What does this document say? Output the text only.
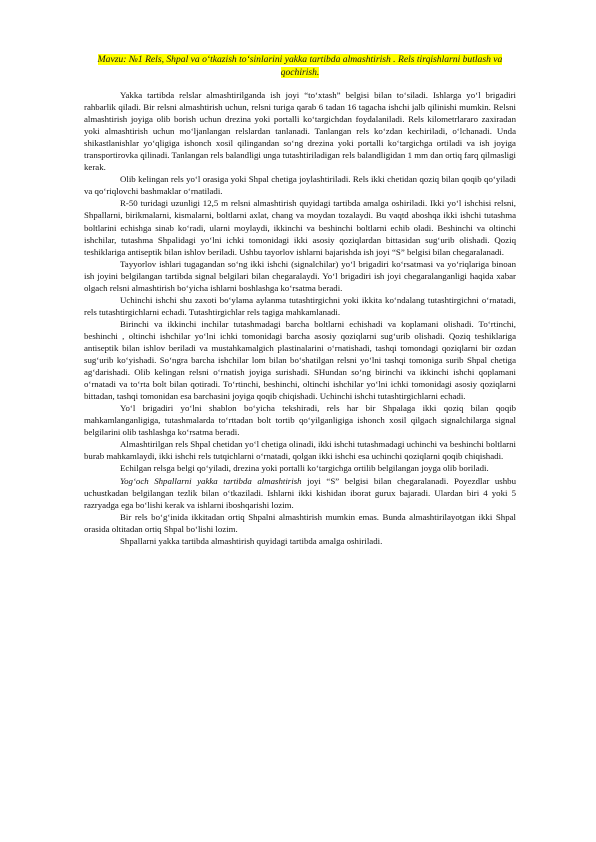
Mavzu: №1 Rels, Shpal va o‘tkazish to‘sinlarini yakka tartibda almashtirish . Rels tirqishlarni butlash va qochirish.

Yakka tartibda relslar almashtirilganda ish joyi “to‘xtash” belgisi bilan to‘siladi. Ishlarga yo‘l brigadiri rahbarlik qiladi. Bir relsni almashtirish uchun, relsni turiga qarab 6 tadan 16 tagacha ishchi jalb qilinishi mumkin. Relsni almashtirish joyiga olib borish uchun drezina yoki portalli ko‘targichdan foydalaniladi. Rels kilometrlararo zaxiradan yoki almashtirish uchun mo‘ljanlangan relslardan tanlanadi. Tanlangan rels ko‘zdan kechiriladi, o‘lchanadi. Unda shikastlanishlar yo‘qligiga ishonch xosil qilingandan so‘ng drezina yoki portalli ko‘targichga ortiladi va ish joyiga transportirovka qilinadi. Tanlangan rels balandligi unga tutashtiriladigan rels balandligidan 1 mm dan ortiq farq qilmasligi kerak.

Olib kelingan rels yo‘l orasiga yoki Shpal chetiga joylashtiriladi. Rels ikki chetidan qoziq bilan qoqib qo‘yiladi va qo‘riqlovchi bashmaklar o‘rnatiladi.

R-50 turidagi uzunligi 12,5 m relsni almashtirish quyidagi tartibda amalga oshiriladi. Ikki yo‘l ishchisi relsni, Shpallarni, birikmalarni, kismalarni, boltlarni axlat, chang va moydan tozalaydi. Bu vaqtd aboshqa ikki ishchi tutashma boltlarini echishga sinab ko‘radi, ularni moylaydi, ikkinchi va beshinchi boltlarni echib oladi. Beshinchi va oltinchi ishchilar, tutashma Shpalidagi yo‘lni ichki tomonidagi ikki asosiy qoziqlardan bittasidan sug‘urib olishadi. Qoziq teshiklariga antiseptik bilan ishlov beriladi. Ushbu tayorlov ishlarni bajarishda ish joyi “S” belgisi bilan chegaralanadi.

Tayyorlov ishlari tugagandan so‘ng ikki ishchi (signalchilar) yo‘l brigadiri ko‘rsatmasi va yo‘riqlariga binoan ish joyini belgilangan tartibda signal belgilari bilan chegaralaydi. Yo‘l brigadiri ish joyi chegaralanganligi haqida xabar olgach relsni almashtirish bo‘yicha ishlarni boshlashga ko‘rsatma beradi.

Uchinchi ishchi shu zaxoti bo‘ylama aylanma tutashtirgichni yoki ikkita ko‘ndalang tutashtirgichni o‘rnatadi, rels tutashtirgichlarni echadi. Tutashtirgichlar rels tagiga mahkamlanadi.

Birinchi va ikkinchi inchilar tutashmadagi barcha boltlarni echishadi va koplamani olishadi. To‘rtinchi, beshinchi , oltinchi ishchilar yo‘lni ichki tomonidagi barcha asosiy qoziqlarni sug‘urib olishadi. Qoziq teshiklariga antiseptik bilan ishlov beriladi va mustahkamalgich plastinalarini o‘rnatishadi, tashqi tomondagi qoziqlarni bir ozdan sug‘urib ko‘yishadi. So‘ngra barcha ishchilar lom bilan bo‘shatilgan relsni yo‘lni tashqi tomoniga surib Shpal chetiga ag‘darishadi. Olib kelingan relsni o‘rnatish joyiga surishadi. SHundan so‘ng birinchi va ikkinchi ishchi qoplamani o‘rnatadi va to‘rta bolt bilan qotiradi. To‘rtinchi, beshinchi, oltinchi ishchilar yo‘lni ichki tomonidagi asosiy qoziqlarni bittadan, tashqi tomonidan esa barchasini joyiga qoqib chiqishadi. Uchinchi ishchi tutashtirgichlarni echadi.

Yo‘l brigadiri yo‘lni shablon bo‘yicha tekshiradi, rels har bir Shpalaga ikki qoziq bilan qoqib mahkamlanganligiga, tutashmalarda to‘rttadan bolt tortib qo‘yilganligiga ishonch xosil qilgach signalchilarga signal belgilarini olib tashlashga ko‘rsatma beradi.

Almashtirilgan rels Shpal chetidan yo‘l chetiga olinadi, ikki ishchi tutashmadagi uchinchi va beshinchi boltlarni burab mahkamlaydi, ikki ishchi rels tutqichlarni o‘rnatadi, qolgan ikki ishchi esa uchinchi qoziqlarni qoqib chiqishadi.

Echilgan relsga belgi qo‘yiladi, drezina yoki portalli ko‘targichga ortilib belgilangan joyga olib boriladi.

Yog‘och Shpallarni yakka tartibda almashtirish joyi “S” belgisi bilan chegaralanadi. Poyezdlar ushbu uchustkadan belgilangan tezlik bilan o‘tkaziladi. Ishlarni ikki kishidan iborat guruх bajaradi. Ulardan biri 4 yoki 5 razryadga ega bo‘lishi kerak va ishlarni iboshqarishi lozim.

Bir rels bo‘g‘inida ikkitadan ortiq Shpalni almashtirish mumkin emas. Bunda almashtirilayotgan ikki Shpal orasida oltitadan ortiq Shpal bo‘lishi lozim.

Shpallarni yakka tartibda almashtirish quyidagi tartibda amalga oshiriladi.
